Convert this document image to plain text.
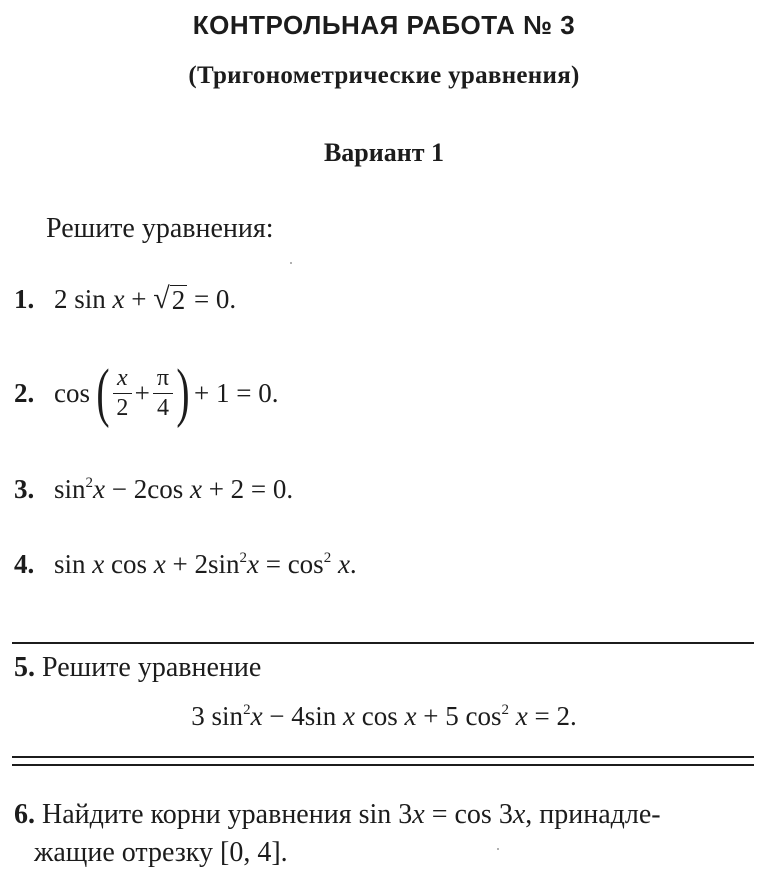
КОНТРОЛЬНАЯ РАБОТА № 3
(Тригонометрические уравнения)
Вариант 1
Решите уравнения:
1. 2 sin x + √ 2 = 0.
2. cos ( $\frac{x}{2} + \frac{\pi}{4}$ ) + 1 = 0.
3. $\sin^2x - 2\cos$ x + 2 = 0.
4. sin x $\cos x + 2\sin^2x = \cos^2 x$.
5. Решите уравнение
3 $\sin^2x - 4\sin$ x cos x + 5 $\cos^2 x = 2$.
6. Найдите корни уравнения sin 3x = cos 3x, принадле-
жащие отрезку [0, 4].
